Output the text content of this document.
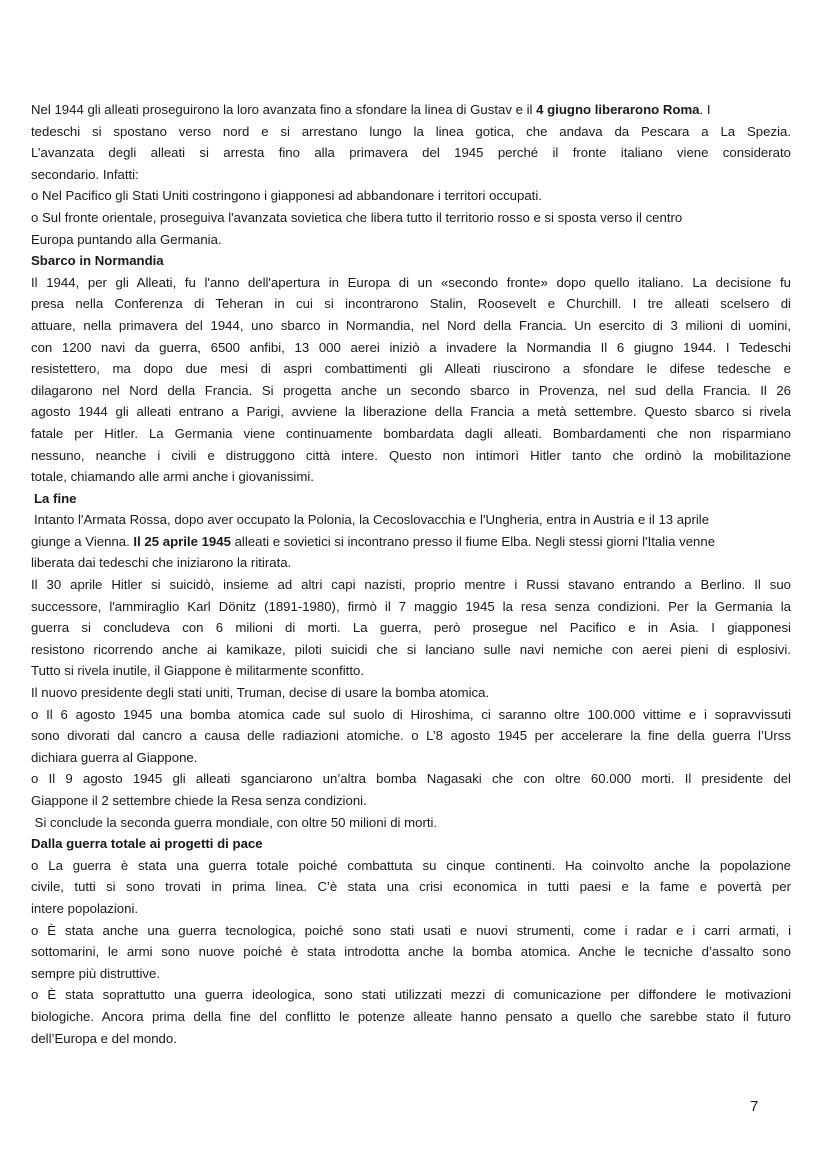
Nel 1944 gli alleati proseguirono la loro avanzata fino a sfondare la linea di Gustav e il 4 giugno liberarono Roma. I
tedeschi si spostano verso nord e si arrestano lungo la linea gotica, che andava da Pescara a La Spezia.
L’avanzata degli alleati si arresta fino alla primavera del 1945 perché il fronte italiano viene considerato
secondario. Infatti:
o Nel Pacifico gli Stati Uniti costringono i giapponesi ad abbandonare i territori occupati.
o Sul fronte orientale, proseguiva l'avanzata sovietica che libera tutto il territorio rosso e si sposta verso il centro
Europa puntando alla Germania.
Sbarco in Normandia
Il 1944, per gli Alleati, fu l'anno dell'apertura in Europa di un «secondo fronte» dopo quello italiano. La decisione fu
presa nella Conferenza di Teheran in cui si incontrarono Stalin, Roosevelt e Churchill. I tre alleati scelsero di
attuare, nella primavera del 1944, uno sbarco in Normandia, nel Nord della Francia. Un esercito di 3 milioni di uomini,
con 1200 navi da guerra, 6500 anfibi, 13 000 aerei iniziò a invadere la Normandia Il 6 giugno 1944. I Tedeschi
resistettero, ma dopo due mesi di aspri combattimenti gli Alleati riuscirono a sfondare le difese tedesche e
dilagarono nel Nord della Francia. Si progetta anche un secondo sbarco in Provenza, nel sud della Francia. Il 26
agosto 1944 gli alleati entrano a Parigi, avviene la liberazione della Francia a metà settembre. Questo sbarco si rivela
fatale per Hitler. La Germania viene continuamente bombardata dagli alleati. Bombardamenti che non risparmiano
nessuno, neanche i civili e distruggono città intere. Questo non intimorì Hitler tanto che ordinò la mobilitazione
totale, chiamando alle armi anche i giovanissimi.
La fine
Intanto l'Armata Rossa, dopo aver occupato la Polonia, la Cecoslovacchia e l'Ungheria, entra in Austria e il 13 aprile
giunge a Vienna. Il 25 aprile 1945 alleati e sovietici si incontrano presso il fiume Elba. Negli stessi giorni l'Italia venne
liberata dai tedeschi che iniziarono la ritirata.
Il 30 aprile Hitler si suicidò, insieme ad altri capi nazisti, proprio mentre i Russi stavano entrando a Berlino. Il suo
successore, l'ammiraglio Karl Dönitz (1891-1980), firmò il 7 maggio 1945 la resa senza condizioni. Per la Germania la
guerra si concludeva con 6 milioni di morti. La guerra, però prosegue nel Pacifico e in Asia. I giapponesi
resistono ricorrendo anche ai kamikaze, piloti suicidi che si lanciano sulle navi nemiche con aerei pieni di esplosivi.
Tutto si rivela inutile, il Giappone è militarmente sconfitto.
Il nuovo presidente degli stati uniti, Truman, decise di usare la bomba atomica.
o Il 6 agosto 1945 una bomba atomica cade sul suolo di Hiroshima, ci saranno oltre 100.000 vittime e i sopravvissuti
sono divorati dal cancro a causa delle radiazioni atomiche. o L’8 agosto 1945 per accelerare la fine della guerra l’Urss
dichiara guerra al Giappone.
o Il 9 agosto 1945 gli alleati sganciarono un’altra bomba Nagasaki che con oltre 60.000 morti. Il presidente del
Giappone il 2 settembre chiede la Resa senza condizioni.
Si conclude la seconda guerra mondiale, con oltre 50 milioni di morti.
Dalla guerra totale ai progetti di pace
o La guerra è stata una guerra totale poiché combattuta su cinque continenti. Ha coinvolto anche la popolazione
civile, tutti si sono trovati in prima linea. C’è stata una crisi economica in tutti paesi e la fame e povertà per
intere popolazioni.
o È stata anche una guerra tecnologica, poiché sono stati usati e nuovi strumenti, come i radar e i carri armati, i
sottomarini, le armi sono nuove poiché è stata introdotta anche la bomba atomica. Anche le tecniche d’assalto sono
sempre più distruttive.
o È stata soprattutto una guerra ideologica, sono stati utilizzati mezzi di comunicazione per diffondere le motivazioni
biologiche. Ancora prima della fine del conflitto le potenze alleate hanno pensato a quello che sarebbe stato il futuro
dell’Europa e del mondo.
7
